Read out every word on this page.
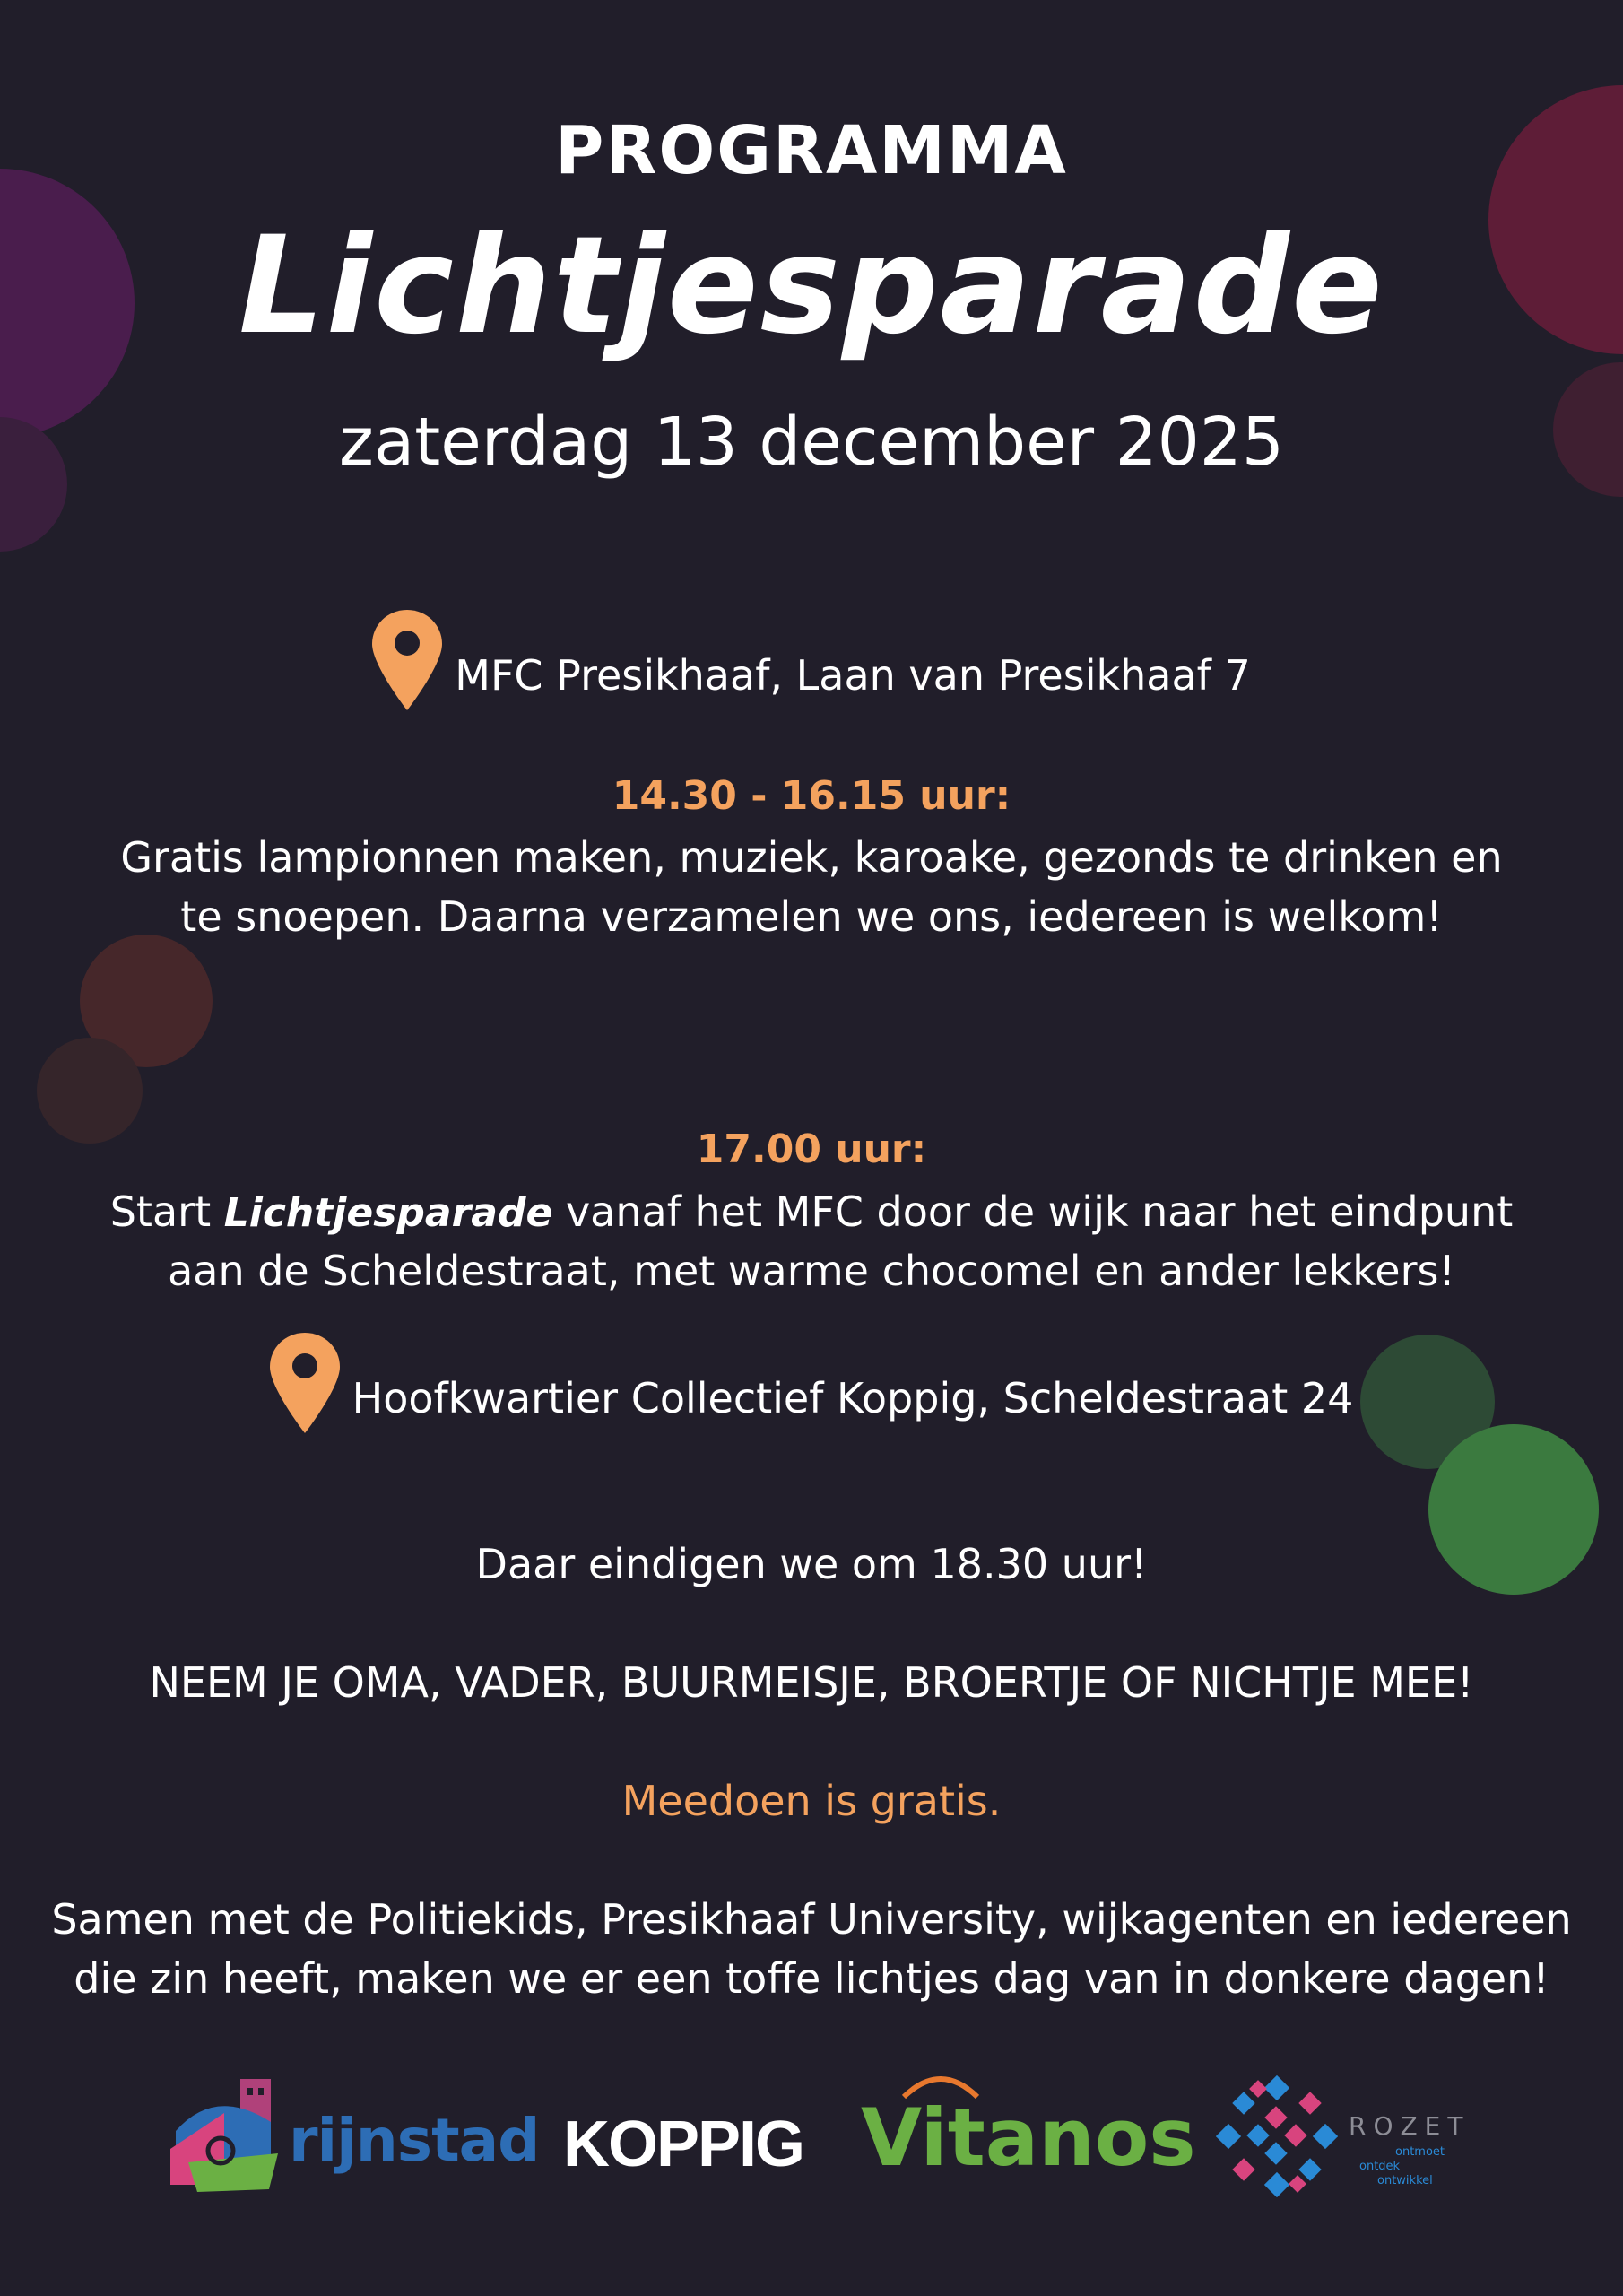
PROGRAMMA
Lichtjesparade
zaterdag 13 december 2025
MFC Presikhaaf, Laan van Presikhaaf 7
14.30 - 16.15 uur:
Gratis lampionnen maken, muziek, karoake, gezonds te drinken en
te snoepen. Daarna verzamelen we ons, iedereen is welkom!
17.00 uur:
Start Lichtjesparade vanaf het MFC door de wijk naar het eindpunt
aan de Scheldestraat, met warme chocomel en ander lekkers!
Hoofkwartier Collectief Koppig, Scheldestraat 24
Daar eindigen we om 18.30 uur!
NEEM JE OMA, VADER, BUURMEISJE, BROERTJE OF NICHTJE MEE!
Meedoen is gratis.
Samen met de Politiekids, Presikhaaf University, wijkagenten en iedereen
die zin heeft, maken we er een toffe lichtjes dag van in donkere dagen!
rijnstad KOPPIG Vitanos	ROZET
ontmoet
ontdek
ontwikkel
